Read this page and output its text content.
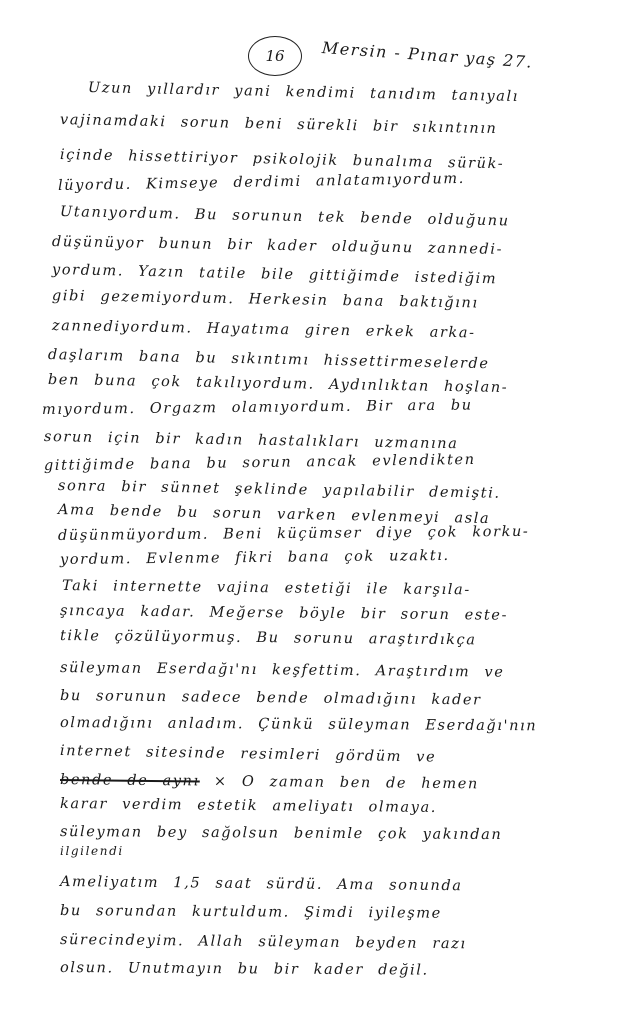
16 Mersin - Pınar yaş 27.
Uzun yıllardır yani kendimi tanıdım tanıyalı
vajinamdaki sorun beni sürekli bir sıkıntının
içinde hissettiriyor psikolojik bunalıma sürük-
lüyordu. Kimseye derdimi anlatamıyordum.
Utanıyordum. Bu sorunun tek bende olduğunu
düşünüyor bunun bir kader olduğunu zannedi-
yordum. Yazın tatile bile gittiğimde istediğim
gibi gezemiyordum. Herkesin bana baktığını
zannediyordum. Hayatıma giren erkek arka-
daşlarım bana bu sıkıntımı hissettirmeselerde
ben buna çok takılıyordum. Aydınlıktan hoşlan-
mıyordum. Orgazm olamıyordum. Bir ara bu
sorun için bir kadın hastalıkları uzmanına
gittiğimde bana bu sorun ancak evlendikten
sonra bir sünnet şeklinde yapılabilir demişti.
Ama bende bu sorun varken evlenmeyi asla
düşünmüyordum. Beni küçümser diye çok korku-
yordum. Evlenme fikri bana çok uzaktı.
Taki internette vajina estetiği ile karşıla-
şıncaya kadar. Meğerse böyle bir sorun este-
tikle çözülüyormuş. Bu sorunu araştırdıkça
süleyman Eserdağı'nı keşfettim. Araştırdım ve
bu sorunun sadece bende olmadığını kader
olmadığını anladım. Çünkü süleyman Eserdağı'nın
internet sitesinde resimleri gördüm ve
bende de aynı × O zaman ben de hemen
karar verdim estetik ameliyatı olmaya.
süleyman bey sağolsun benimle çok yakından
ilgilendi
Ameliyatım 1,5 saat sürdü. Ama sonunda
bu sorundan kurtuldum. Şimdi iyileşme
sürecindeyim. Allah süleyman beyden razı
olsun. Unutmayın bu bir kader değil.
